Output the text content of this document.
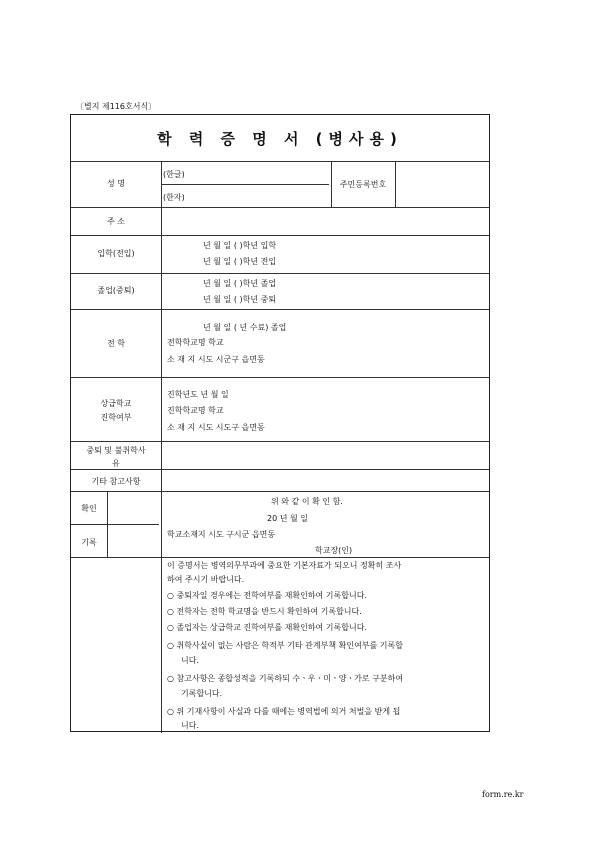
〔별지 제116호서식〕
학 력 증 명 서 (병사용)
성 명
(한글)
(한자)
주민등록번호
주 소
입학(전입)
년 월 일 ( )학년 입학
년 월 일 ( )학년 전입
졸업(중퇴)
년 월 일 ( )학년 졸업
년 월 일 ( )학년 중퇴
전 학
년 월 일 ( 년 수료) 졸업
전학학교명 학교
소 재 지 시도 시군구 읍면동
상급학교
진학여부
진학년도 년 월 일
진학학교명 학교
소 재 지 시도 시도구 읍면동
중퇴 및 불취학사
유
기타 참고사항
확인
기록
위 와 같 이 확 인 함.
20 년 월 일
학교소재지 시도 구시군 읍면동
학교장(인)
이 증명서는 병역의무부과에 중요한 기본자료가 되오니 정확히 조사
하여 주시기 바랍니다.
○ 중퇴자일 경우에는 전학여부를 재확인하여 기록합니다.
○ 전학자는 전학 학교명을 반드시 확인하여 기록합니다.
○ 졸업자는 상급학교 진학여부를 재확인하여 기록합니다.
○ 취학사실이 없는 사람은 학적부 기타 관계부책 확인여부를 기록합
니다.
○ 참고사항은 종합성적을 기록하되 수ㆍ우ㆍ미ㆍ양ㆍ가로 구분하여
기록합니다.
○ 위 기재사항이 사실과 다를 때에는 병역법에 의거 처벌을 받게 됩
니다.
form.re.kr
